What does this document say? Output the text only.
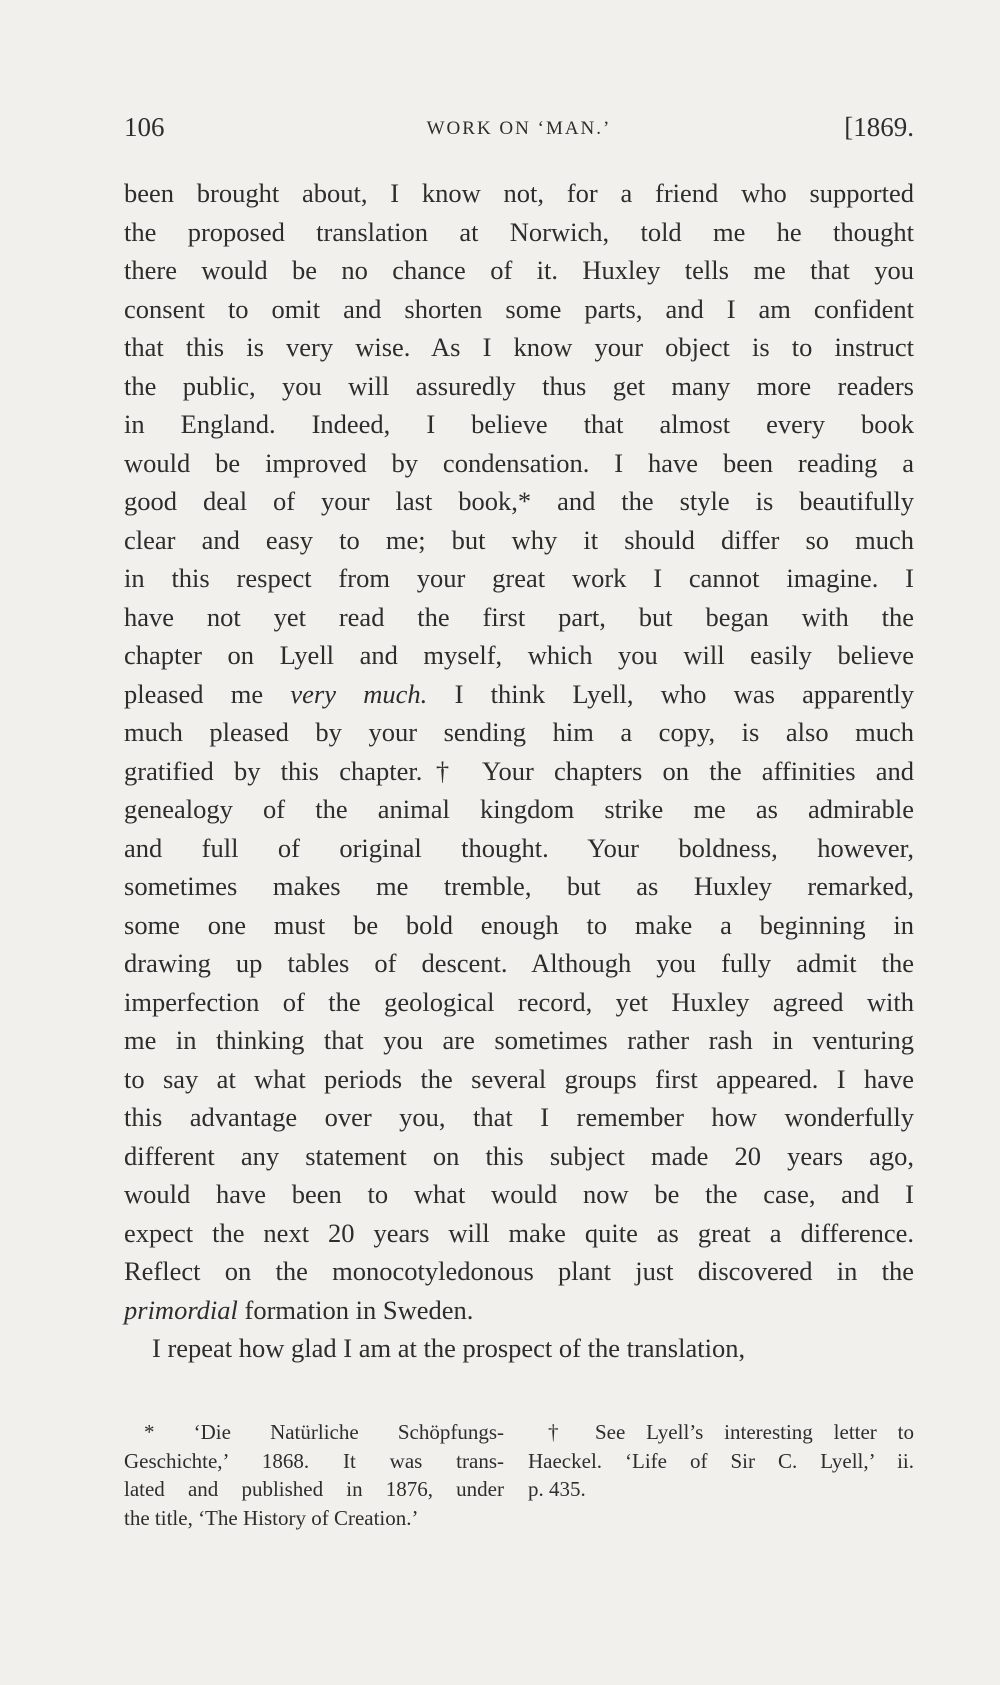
106	WORK ON ‘MAN.’	[1869.
been brought about, I know not, for a friend who supported
the proposed translation at Norwich, told me he thought
there would be no chance of it. Huxley tells me that you
consent to omit and shorten some parts, and I am confident
that this is very wise. As I know your object is to instruct
the public, you will assuredly thus get many more readers
in England. Indeed, I believe that almost every book
would be improved by condensation. I have been reading a
good deal of your last book,* and the style is beautifully
clear and easy to me; but why it should differ so much
in this respect from your great work I cannot imagine. I
have not yet read the first part, but began with the
chapter on Lyell and myself, which you will easily believe
pleased me very much. I think Lyell, who was apparently
much pleased by your sending him a copy, is also much
gratified by this chapter.† Your chapters on the affinities and
genealogy of the animal kingdom strike me as admirable
and full of original thought. Your boldness, however,
sometimes makes me tremble, but as Huxley remarked,
some one must be bold enough to make a beginning in
drawing up tables of descent. Although you fully admit the
imperfection of the geological record, yet Huxley agreed with
me in thinking that you are sometimes rather rash in venturing
to say at what periods the several groups first appeared. I have
this advantage over you, that I remember how wonderfully
different any statement on this subject made 20 years ago,
would have been to what would now be the case, and I
expect the next 20 years will make quite as great a difference.
Reflect on the monocotyledonous plant just discovered in the
primordial formation in Sweden.
I repeat how glad I am at the prospect of the translation,
* ‘Die Natürliche Schöpfungs-
Geschichte,’ 1868. It was trans-
lated and published in 1876, under
the title, ‘The History of Creation.’
† See Lyell’s interesting letter to
Haeckel. ‘Life of Sir C. Lyell,’ ii.
p. 435.
